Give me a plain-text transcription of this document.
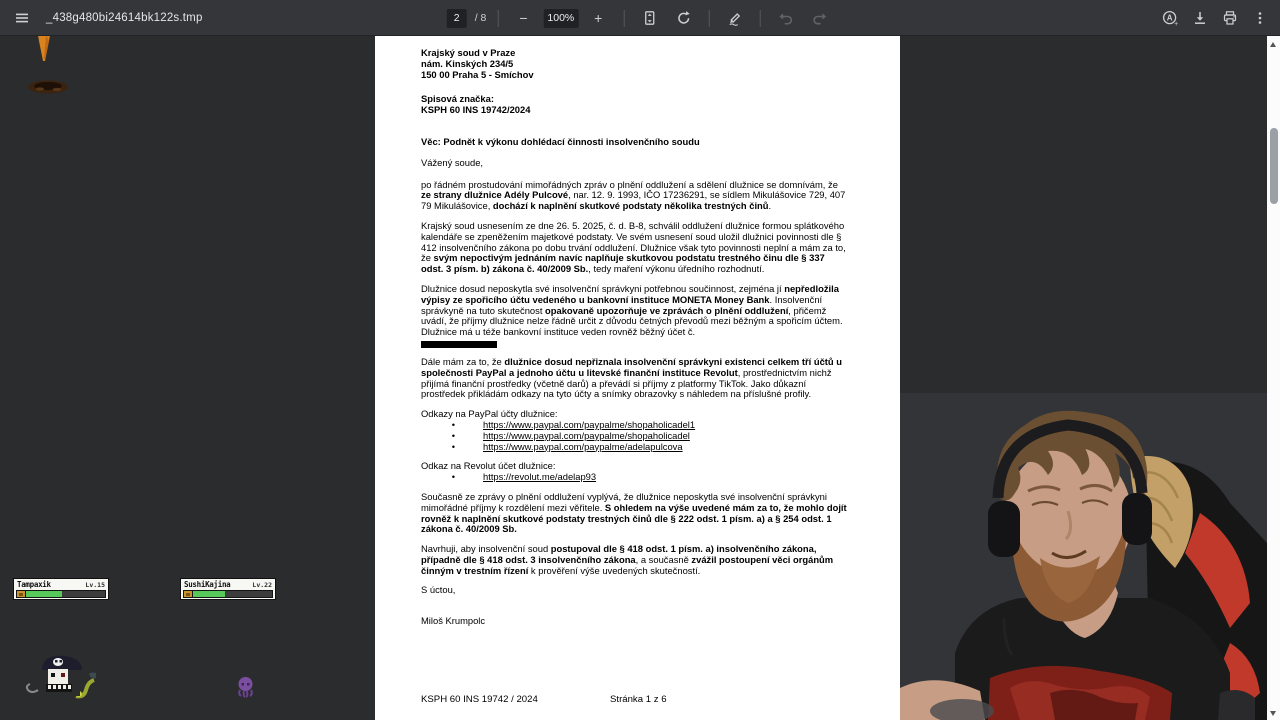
_438g480bi24614bk122s.tmp
2	/ 8	−	100%	+	A
+

Krajský soud v Praze
nám. Kinských 234/5
150 00 Praha 5 - Smíchov

Spisová značka:
KSPH 60 INS 19742/2024

Věc: Podnět k výkonu dohlédací činnosti insolvenčního soudu

Vážený soude,

po řádném prostudování mimořádných zpráv o plnění oddlužení a sdělení dlužnice se domnívám, že ze strany dlužnice Adély Pulcové, nar. 12. 9. 1993, IČO 17236291, se sídlem Mikulášovice 729, 407 79 Mikulášovice, dochází k naplnění skutkové podstaty několika trestných činů.

Krajský soud usnesením ze dne 26. 5. 2025, č. d. B-8, schválil oddlužení dlužnice formou splátkového kalendáře se zpeněžením majetkové podstaty. Ve svém usnesení soud uložil dlužnici povinnosti dle § 412 insolvenčního zákona po dobu trvání oddlužení. Dlužnice však tyto povinnosti neplní a mám za to, že svým nepoctivým jednáním navíc naplňuje skutkovou podstatu trestného činu dle § 337 odst. 3 písm. b) zákona č. 40/2009 Sb., tedy maření výkonu úředního rozhodnutí.

Dlužnice dosud neposkytla své insolvenční správkyni potřebnou součinnost, zejména jí nepředložila výpisy ze spořicího účtu vedeného u bankovní instituce MONETA Money Bank. Insolvenční správkyně na tuto skutečnost opakovaně upozorňuje ve zprávách o plnění oddlužení, přičemž uvádí, že příjmy dlužnice nelze řádně určit z důvodu četných převodů mezi běžným a spořicím účtem. Dlužnice má u téže bankovní instituce veden rovněž běžný účet č.

Dále mám za to, že dlužnice dosud nepřiznala insolvenční správkyni existenci celkem tří účtů u společnosti PayPal a jednoho účtu u litevské finanční instituce Revolut, prostřednictvím nichž přijímá finanční prostředky (včetně darů) a převádí si příjmy z platformy TikTok. Jako důkazní prostředek přikládám odkazy na tyto účty a snímky obrazovky s náhledem na příslušné profily.

Odkazy na PayPal účty dlužnice:

•	https://www.paypal.com/paypalme/shopaholicadel1
•	https://www.paypal.com/paypalme/shopaholicadel
•	https://www.paypal.com/paypalme/adelapulcova

Odkaz na Revolut účet dlužnice:

•	https://revolut.me/adelap93

Současně ze zprávy o plnění oddlužení vyplývá, že dlužnice neposkytla své insolvenční správkyni mimořádné příjmy k rozdělení mezi věřitele. S ohledem na výše uvedené mám za to, že mohlo dojít rovněž k naplnění skutkové podstaty trestných činů dle § 222 odst. 1 písm. a) a § 254 odst. 1 zákona č. 40/2009 Sb.

Navrhuji, aby insolvenční soud postupoval dle § 418 odst. 1 písm. a) insolvenčního zákona, případně dle § 418 odst. 3 insolvenčního zákona, a současně zvážil postoupení věci orgánům činným v trestním řízení k prověření výše uvedených skutečností.

S úctou,

Miloš Krumpolc

KSPH 60 INS 19742 / 2024	Stránka 1 z 6
Tampaxik	Lv.15	SushiKajina	Lv.22
